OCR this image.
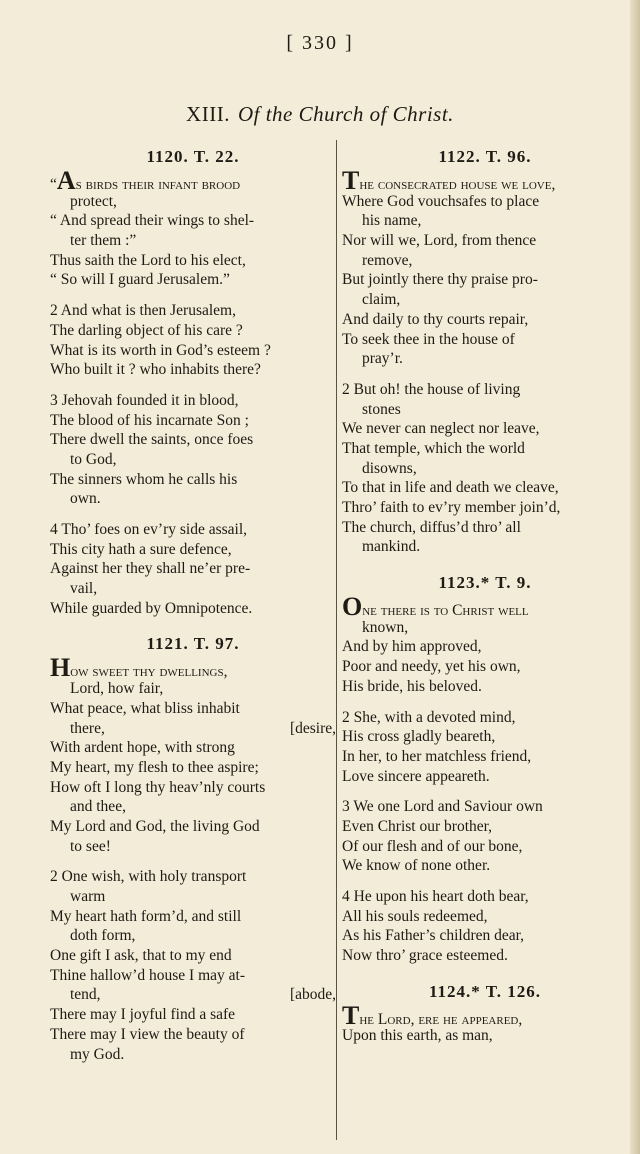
[ 330 ]
XIII. Of the Church of Christ.
1120. T. 22.
“As birds their infant brood
protect,
“ And spread their wings to shel-
ter them :”
Thus saith the Lord to his elect,
“ So will I guard Jerusalem.”
2 And what is then Jerusalem,
The darling object of his care ?
What is its worth in God’s esteem ?
Who built it ? who inhabits there?
3 Jehovah founded it in blood,
The blood of his incarnate Son ;
There dwell the saints, once foes
to God,
The sinners whom he calls his
own.
4 Tho’ foes on ev’ry side assail,
This city hath a sure defence,
Against her they shall ne’er pre-
vail,
While guarded by Omnipotence.
1121. T. 97.
How sweet thy dwellings,
Lord, how fair,
What peace, what bliss inhabit
there,	[desire,
With ardent hope, with strong
My heart, my flesh to thee aspire;
How oft I long thy heav’nly courts
and thee,
My Lord and God, the living God
to see!
2 One wish, with holy transport
warm
My heart hath form’d, and still
doth form,
One gift I ask, that to my end
Thine hallow’d house I may at-
tend,	[abode,
There may I joyful find a safe
There may I view the beauty of
my God.
1122. T. 96.
The consecrated house we love,
Where God vouchsafes to place
his name,
Nor will we, Lord, from thence
remove,
But jointly there thy praise pro-
claim,
And daily to thy courts repair,
To seek thee in the house of
pray’r.
2 But oh! the house of living
stones
We never can neglect nor leave,
That temple, which the world
disowns,
To that in life and death we cleave,
Thro’ faith to ev’ry member join’d,
The church, diffus’d thro’ all
mankind.
1123.* T. 9.
One there is to Christ well
known,
And by him approved,
Poor and needy, yet his own,
His bride, his beloved.
2 She, with a devoted mind,
His cross gladly beareth,
In her, to her matchless friend,
Love sincere appeareth.
3 We one Lord and Saviour own
Even Christ our brother,
Of our flesh and of our bone,
We know of none other.
4 He upon his heart doth bear,
All his souls redeemed,
As his Father’s children dear,
Now thro’ grace esteemed.
1124.* T. 126.
The Lord, ere he appeared,
Upon this earth, as man,
